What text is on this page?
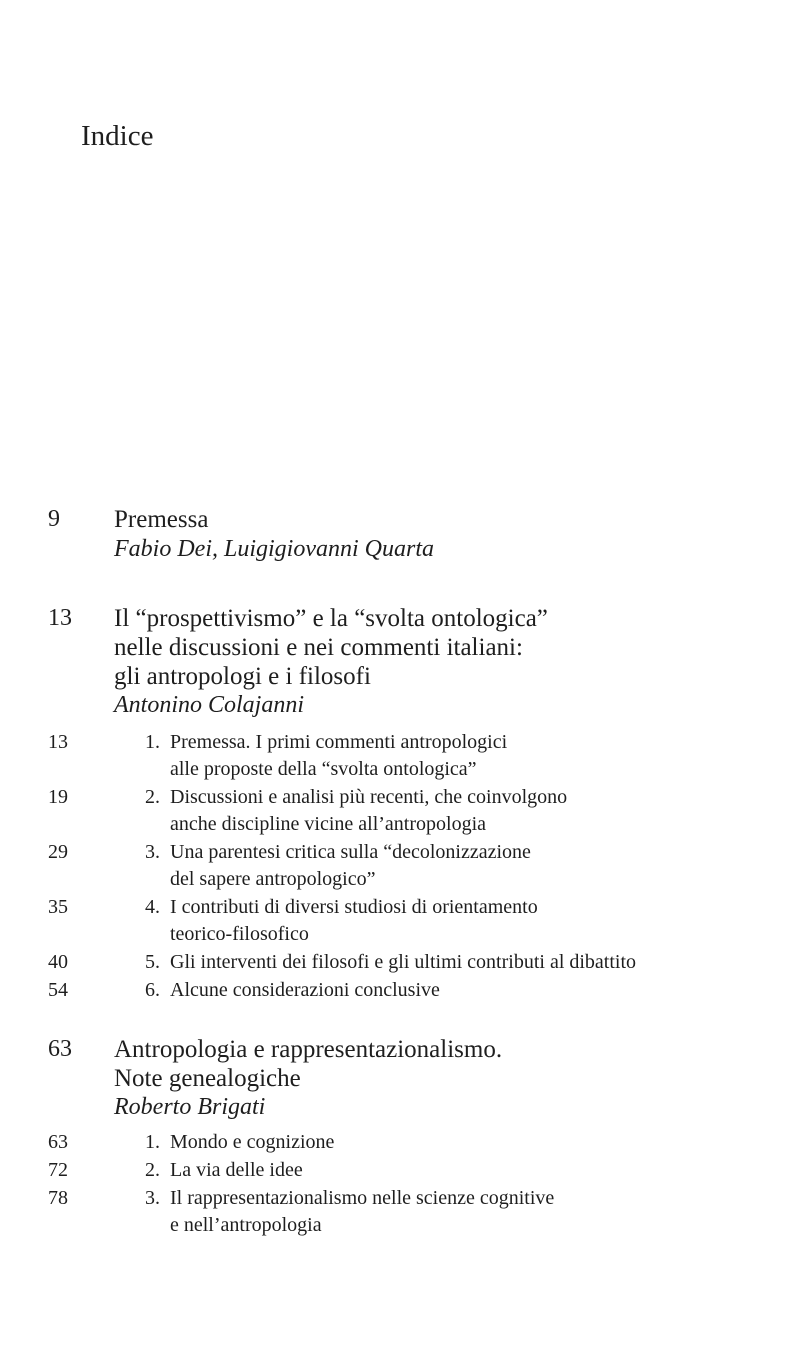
Indice
9 Premessa
Fabio Dei, Luigigiovanni Quarta
13 Il “prospettivismo” e la “svolta ontologica”
nelle discussioni e nei commenti italiani:
gli antropologi e i filosofi
Antonino Colajanni
13	1. Premessa. I primi commenti antropologici
alle proposte della “svolta ontologica”
19	2. Discussioni e analisi più recenti, che coinvolgono
anche discipline vicine all’antropologia
29	3. Una parentesi critica sulla “decolonizzazione
del sapere antropologico”
35	4. I contributi di diversi studiosi di orientamento
teorico-filosofico
40	5. Gli interventi dei filosofi e gli ultimi contributi al dibattito
54	6. Alcune considerazioni conclusive
63 Antropologia e rappresentazionalismo.
Note genealogiche
Roberto Brigati
63	1. Mondo e cognizione
72	2. La via delle idee
78	3. Il rappresentazionalismo nelle scienze cognitive
e nell’antropologia
